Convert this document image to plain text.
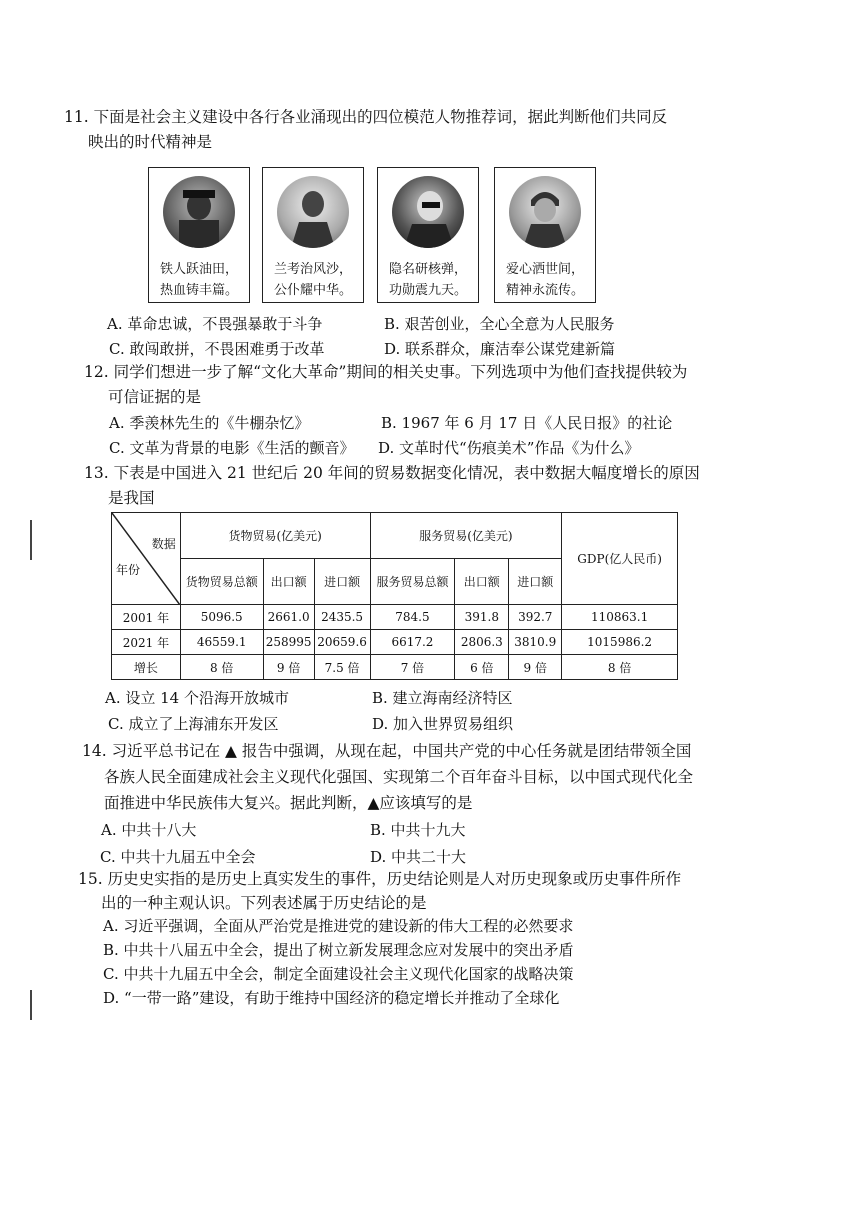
11. 下面是社会主义建设中各行各业涌现出的四位模范人物推荐词，据此判断他们共同反
映出的时代精神是
铁人跃油田，
热血铸丰篇。
兰考治风沙，
公仆耀中华。
隐名研核弹，
功勋震九天。
爱心洒世间，
精神永流传。
A. 革命忠诚，不畏强暴敢于斗争	B. 艰苦创业，全心全意为人民服务
C. 敢闯敢拼，不畏困难勇于改革	D. 联系群众，廉洁奉公谋党建新篇
12. 同学们想进一步了解“文化大革命”期间的相关史事。下列选项中为他们查找提供较为
可信证据的是
A. 季羡林先生的《牛棚杂忆》	B. 1967 年 6 月 17 日《人民日报》的社论
C. 文革为背景的电影《生活的颤音》 D. 文革时代“伤痕美术”作品《为什么》
13. 下表是中国进入 21 世纪后 20 年间的贸易数据变化情况，表中数据大幅度增长的原因
是我国
数据
年份	货物贸易(亿美元)			服务贸易(亿美元)			GDP(亿人民币)
	货物贸易总额	出口额	进口额	服务贸易总额	出口额	进口额	
2001 年	5096.5	2661.0	2435.5	784.5	391.8	392.7	110863.1
2021 年	46559.1	258995	20659.6	6617.2	2806.3	3810.9	1015986.2
增长	8 倍	9 倍	7.5 倍	7 倍	6 倍	9 倍	8 倍
A. 设立 14 个沿海开放城市	B. 建立海南经济特区
C. 成立了上海浦东开发区	D. 加入世界贸易组织
14. 习近平总书记在 ▲ 报告中强调，从现在起，中国共产党的中心任务就是团结带领全国
各族人民全面建成社会主义现代化强国、实现第二个百年奋斗目标，以中国式现代化全
面推进中华民族伟大复兴。据此判断，▲应该填写的是
A. 中共十八大	B. 中共十九大
C. 中共十九届五中全会	D. 中共二十大
15. 历史史实指的是历史上真实发生的事件，历史结论则是人对历史现象或历史事件所作
出的一种主观认识。下列表述属于历史结论的是
A. 习近平强调，全面从严治党是推进党的建设新的伟大工程的必然要求
B. 中共十八届五中全会，提出了树立新发展理念应对发展中的突出矛盾
C. 中共十九届五中全会，制定全面建设社会主义现代化国家的战略决策
D. “一带一路”建设，有助于维持中国经济的稳定增长并推动了全球化
